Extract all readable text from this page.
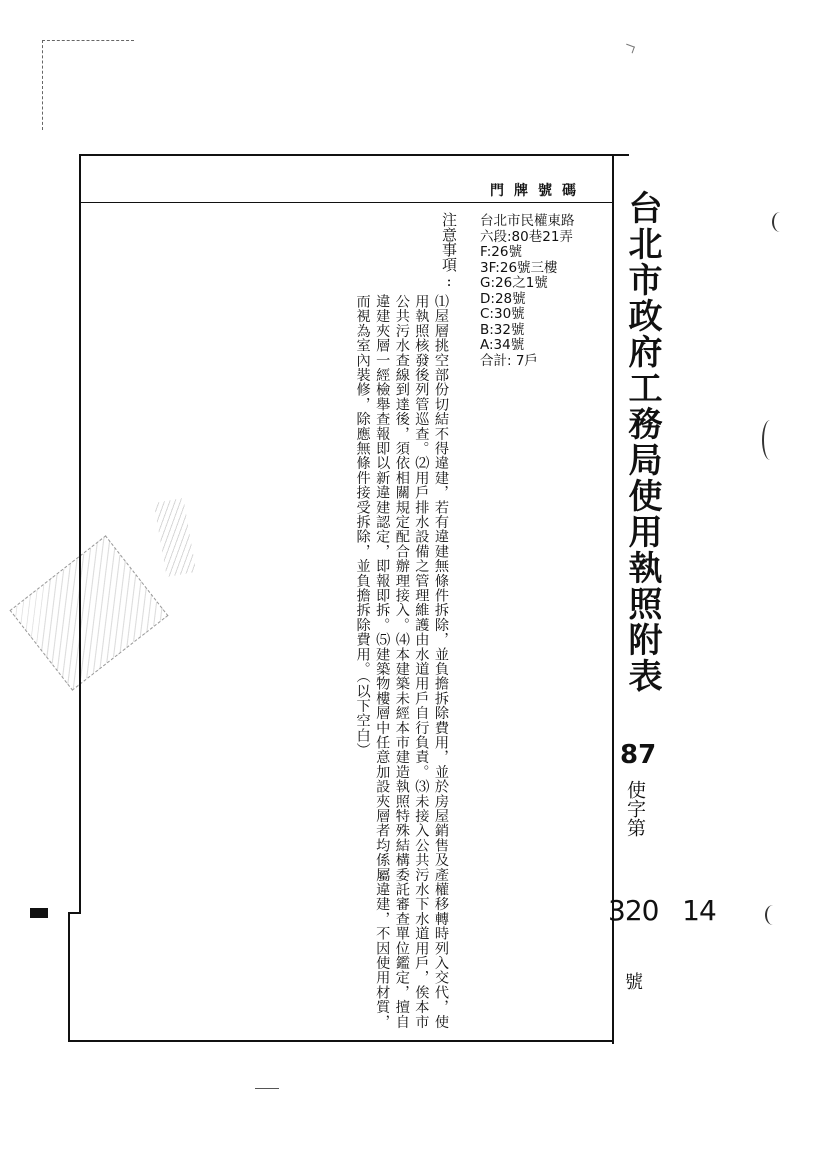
台北市政府工務局使用執照附表
87
使字第
320   14
號
門牌號碼
台北市民權東路
六段:80巷21弄
F:26號
3F:26號三樓
G:26之1號
D:28號
C:30號
B:32號
A:34號
合計: 7戶
注意事項:
⑴屋層挑空部份切結不得違建，若有違建無條件拆除，並負擔拆除費用，並於房屋銷售及產權移轉時列入交代，使用執照核發後列管巡查。⑵用戶排水設備之管理維護由水道用戶自行負責。⑶未接入公共污水下水道用戶，俟本市公共污水查線到達後，須依相關規定配合辦理接入。⑷本建築未經本市建造執照特殊結構委託審查單位鑑定，擅自違建夾層一經檢舉查報即以新違建認定，即報即拆。⑸建築物樓層中任意加設夾層者均係屬違建，不因使用材質，而視為室內裝修，除應無條件接受拆除，並負擔拆除費用。（以下空白）
